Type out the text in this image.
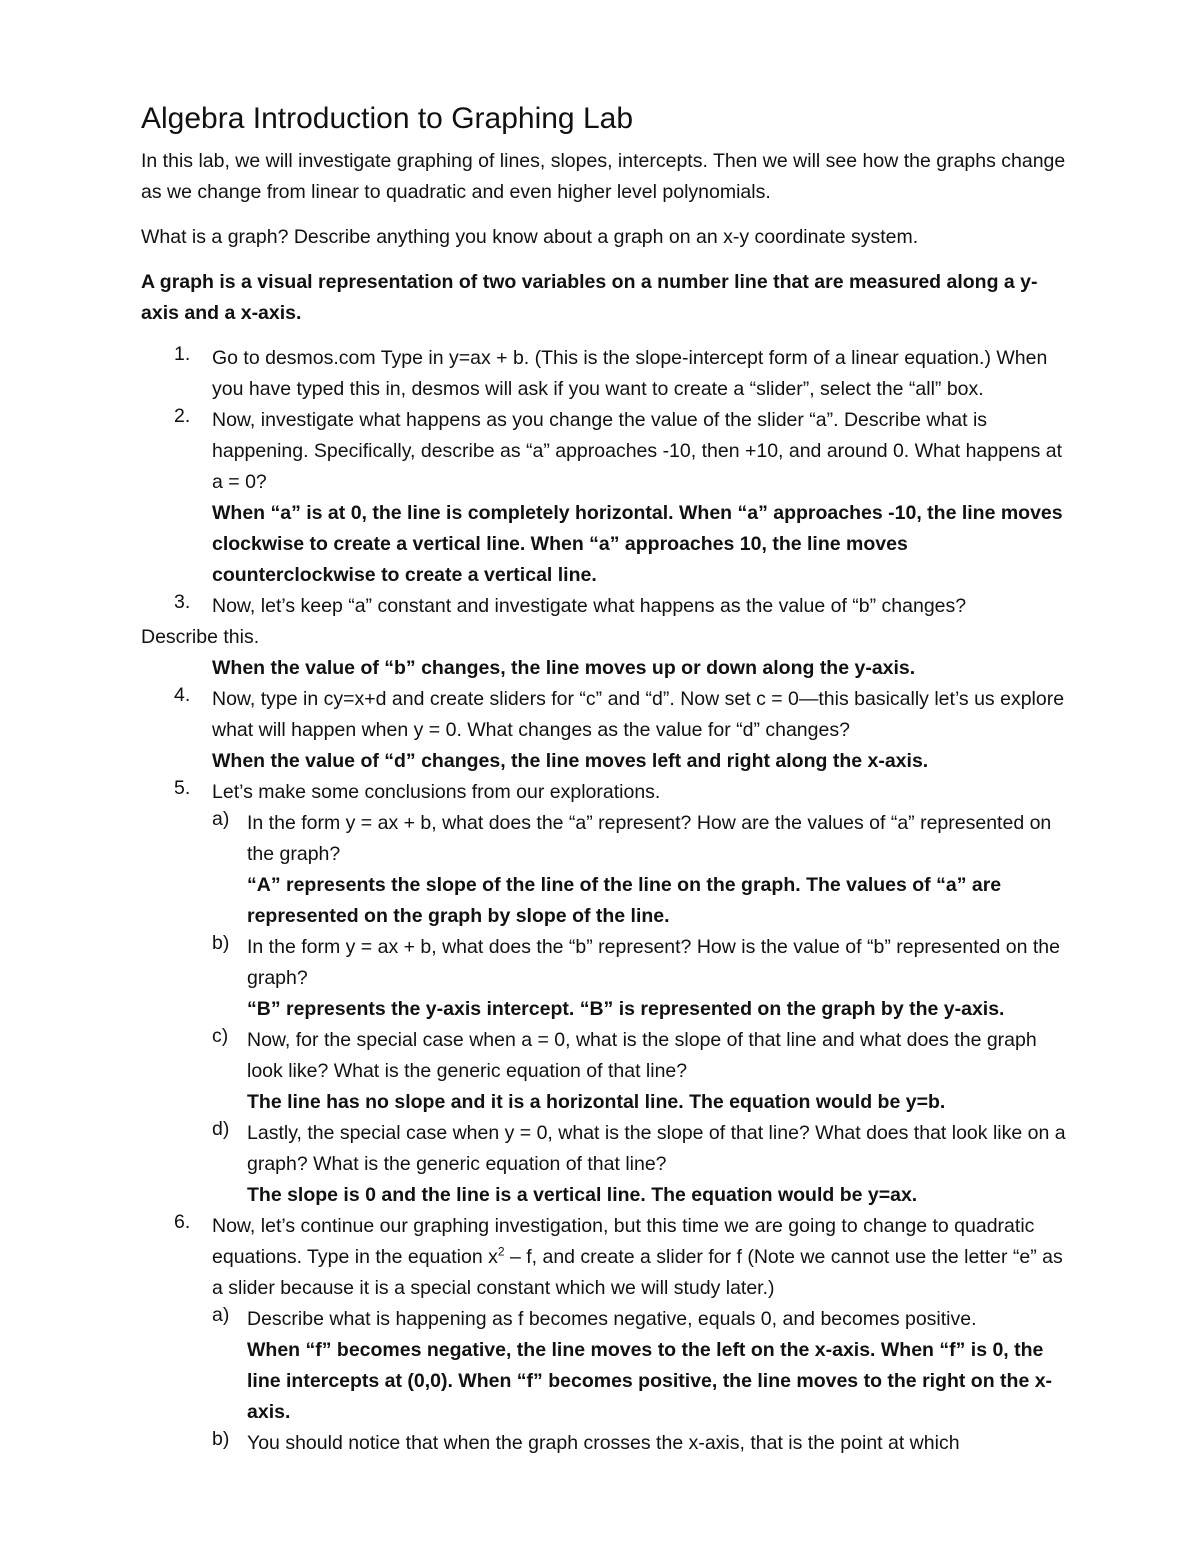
Algebra Introduction to Graphing Lab

In this lab, we will investigate graphing of lines, slopes, intercepts. Then we will see how the graphs change as we change from linear to quadratic and even higher level polynomials.

What is a graph? Describe anything you know about a graph on an x-y coordinate system.

A graph is a visual representation of two variables on a number line that are measured along a y-axis and a x-axis.

1. Go to desmos.com Type in y=ax + b. (This is the slope-intercept form of a linear equation.) When you have typed this in, desmos will ask if you want to create a “slider”, select the “all” box.

2. Now, investigate what happens as you change the value of the slider “a”. Describe what is happening. Specifically, describe as “a” approaches -10, then +10, and around 0. What happens at a = 0?

When “a” is at 0, the line is completely horizontal. When “a” approaches -10, the line moves clockwise to create a vertical line. When “a” approaches 10, the line moves counterclockwise to create a vertical line.

3. Now, let’s keep “a” constant and investigate what happens as the value of “b” changes?

Describe this.

When the value of “b” changes, the line moves up or down along the y-axis.

4. Now, type in cy=x+d and create sliders for “c” and “d”. Now set c = 0—this basically let’s us explore what will happen when y = 0. What changes as the value for “d” changes?

When the value of “d” changes, the line moves left and right along the x-axis.

5. Let’s make some conclusions from our explorations.

a) In the form y = ax + b, what does the “a” represent? How are the values of “a” represented on the graph?

“A” represents the slope of the line of the line on the graph. The values of “a” are represented on the graph by slope of the line.

b) In the form y = ax + b, what does the “b” represent? How is the value of “b” represented on the graph?

“B” represents the y-axis intercept. “B” is represented on the graph by the y-axis.

c) Now, for the special case when a = 0, what is the slope of that line and what does the graph look like? What is the generic equation of that line?

The line has no slope and it is a horizontal line. The equation would be y=b.

d) Lastly, the special case when y = 0, what is the slope of that line? What does that look like on a graph? What is the generic equation of that line?

The slope is 0 and the line is a vertical line. The equation would be y=ax.

6. Now, let’s continue our graphing investigation, but this time we are going to change to quadratic equations. Type in the equation $x^2$ – f, and create a slider for f (Note we cannot use the letter “e” as a slider because it is a special constant which we will study later.)

a) Describe what is happening as f becomes negative, equals 0, and becomes positive.

When “f” becomes negative, the line moves to the left on the x-axis. When “f” is 0, the line intercepts at (0,0). When “f” becomes positive, the line moves to the right on the x-axis.

b) You should notice that when the graph crosses the x-axis, that is the point at which
